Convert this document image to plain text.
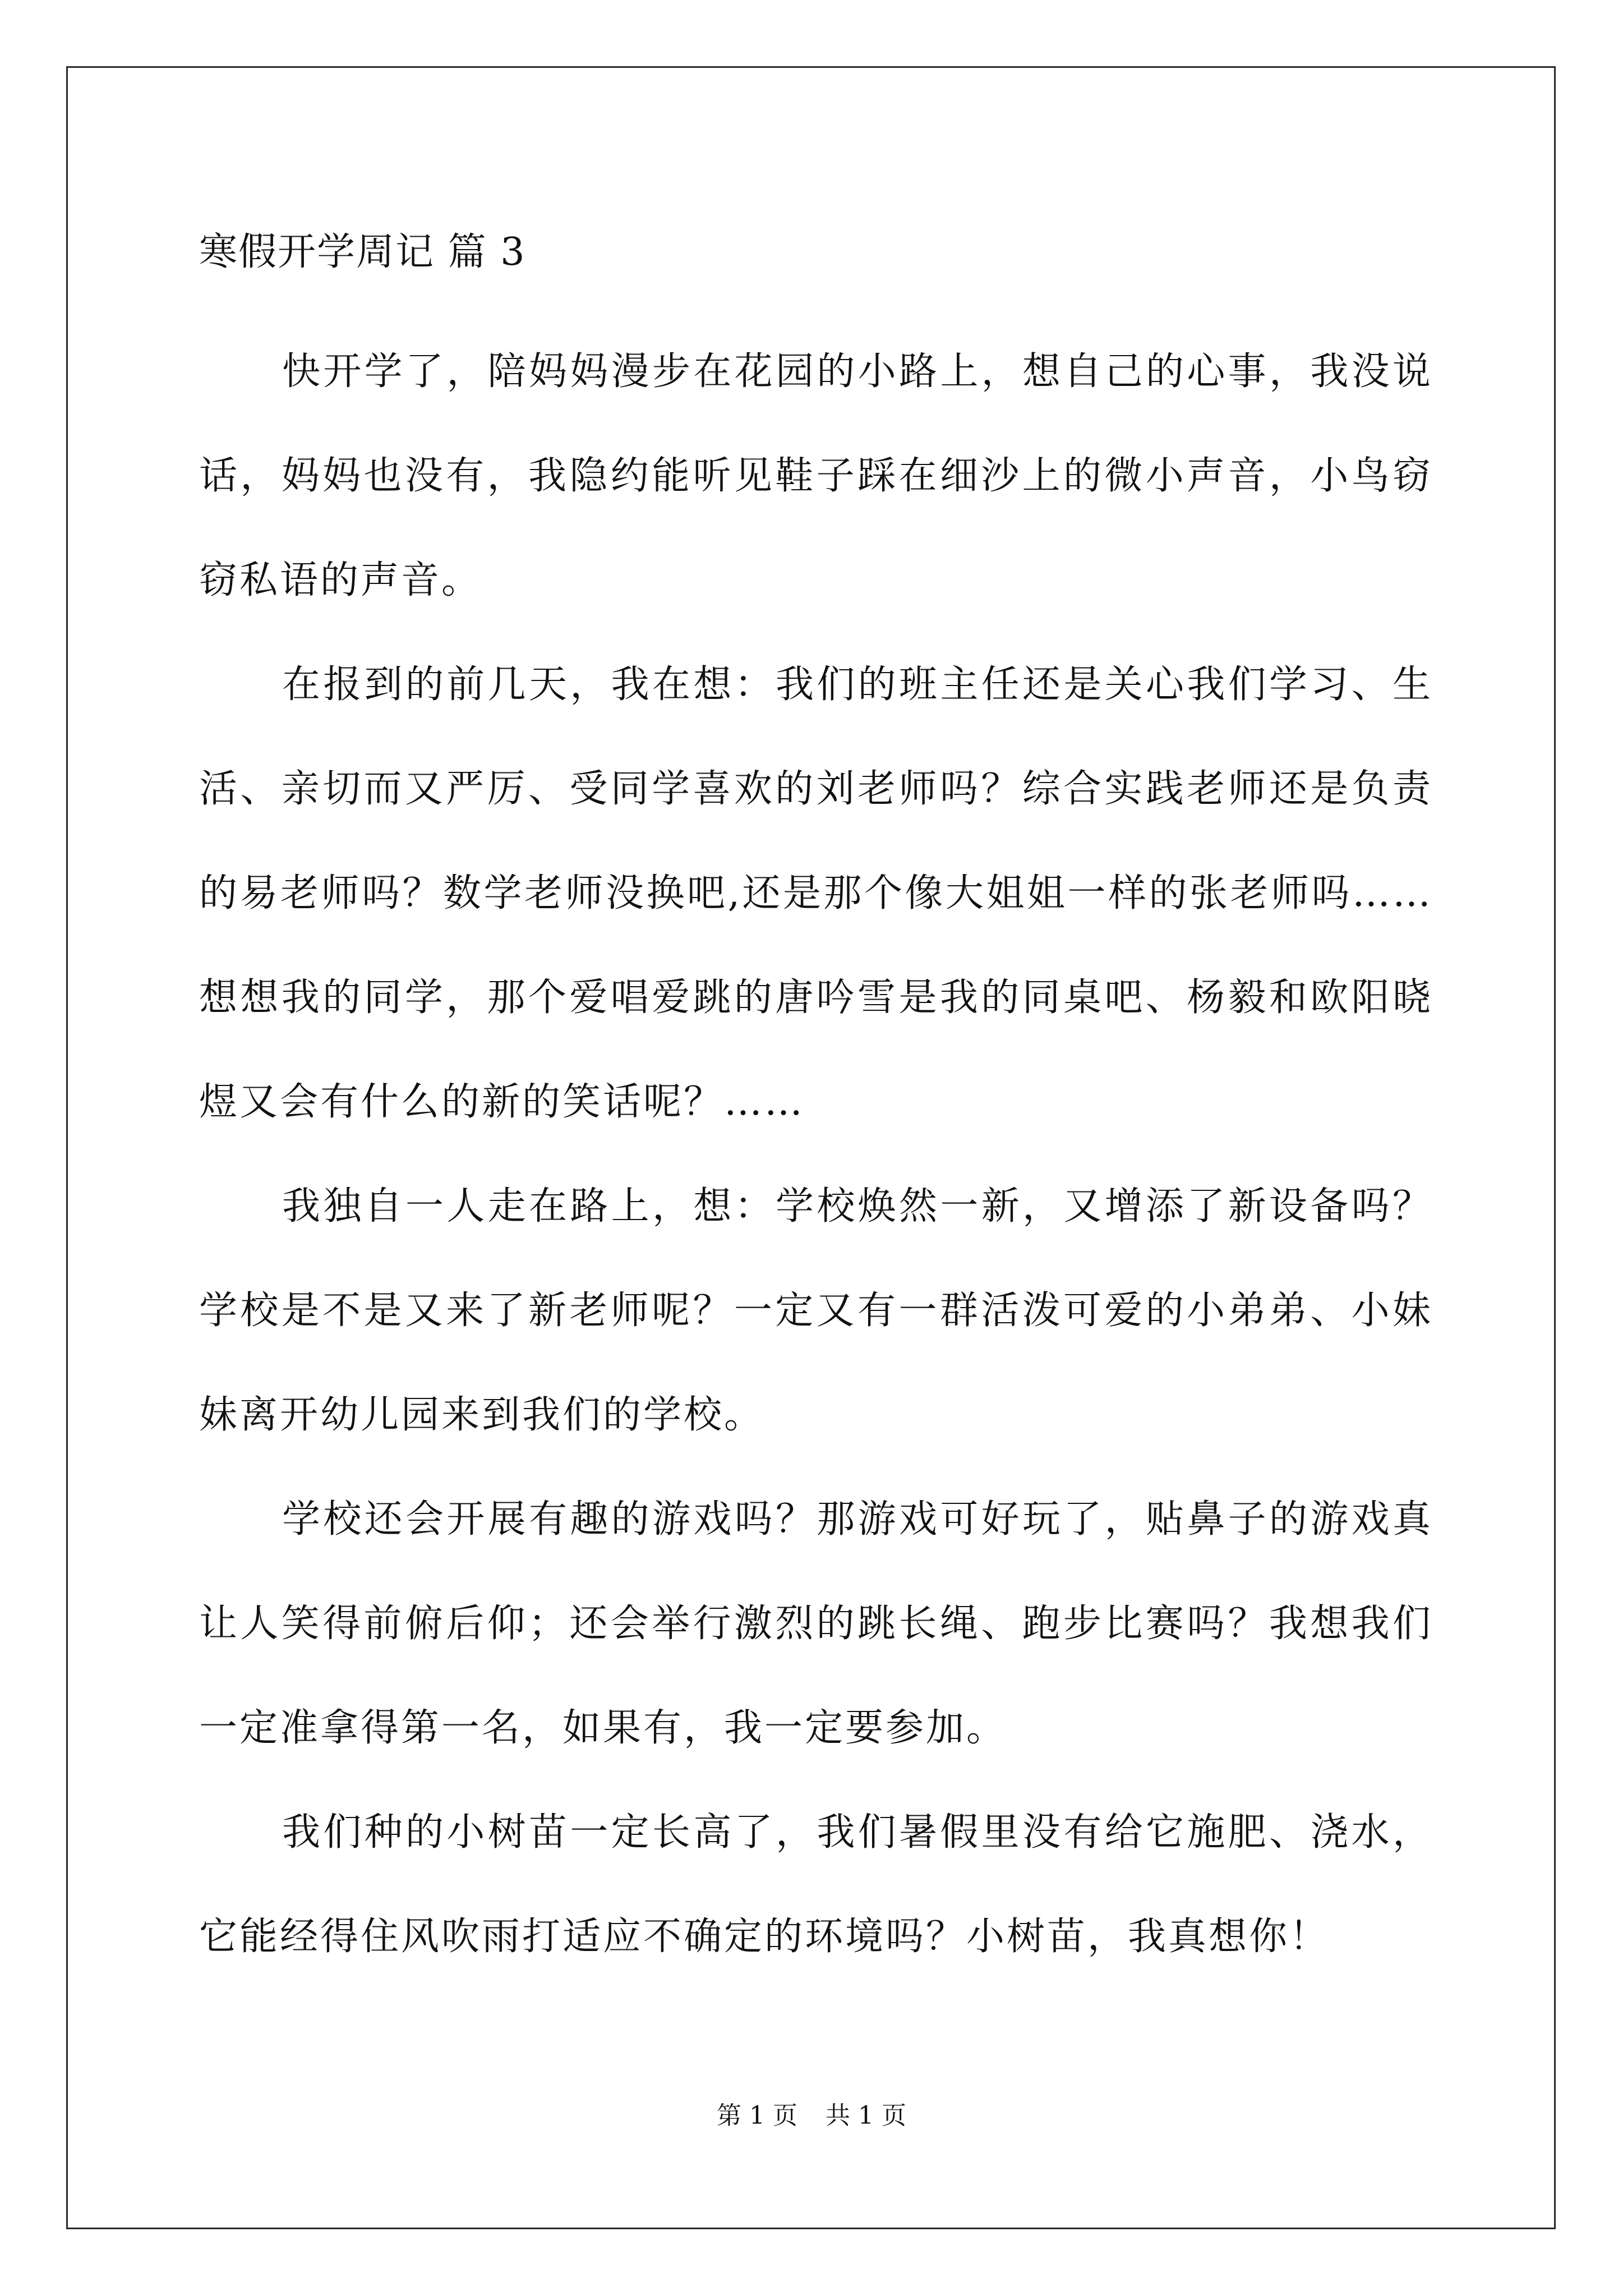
寒假开学周记 篇 3

快开学了，陪妈妈漫步在花园的小路上，想自己的心事，我没说话，妈妈也没有，我隐约能听见鞋子踩在细沙上的微小声音，小鸟窃窃私语的声音。

在报到的前几天，我在想：我们的班主任还是关心我们学习、生活、亲切而又严厉、受同学喜欢的刘老师吗？综合实践老师还是负责的易老师吗？数学老师没换吧,还是那个像大姐姐一样的张老师吗……想想我的同学，那个爱唱爱跳的唐吟雪是我的同桌吧、杨毅和欧阳晓煜又会有什么的新的笑话呢？……

我独自一人走在路上，想：学校焕然一新，又增添了新设备吗？学校是不是又来了新老师呢？一定又有一群活泼可爱的小弟弟、小妹妹离开幼儿园来到我们的学校。

学校还会开展有趣的游戏吗？那游戏可好玩了，贴鼻子的游戏真让人笑得前俯后仰；还会举行激烈的跳长绳、跑步比赛吗？我想我们一定准拿得第一名，如果有，我一定要参加。

我们种的小树苗一定长高了，我们暑假里没有给它施肥、浇水，它能经得住风吹雨打适应不确定的环境吗？小树苗，我真想你！

第 1 页 共 1 页
